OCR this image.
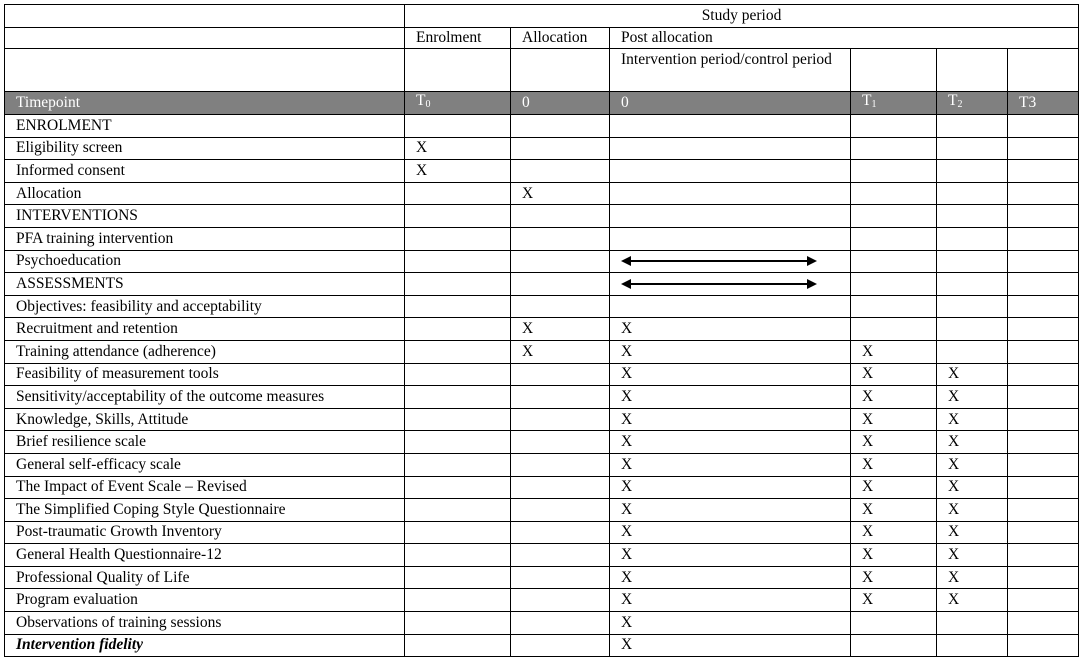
	Study period					
	Enrolment	Allocation	Post allocation			
			Intervention period/control period			
Timepoint	$T_0$	0	0	$T_1$	$T_2$	T3
ENROLMENT						
Eligibility screen	X					
Informed consent	X					
Allocation		X				
INTERVENTIONS						
PFA training intervention						
Psychoeducation			

ASSESSMENTS			

Objectives: feasibility and acceptability						
Recruitment and retention		X	X			
Training attendance (adherence)		X	X	X		
Feasibility of measurement tools			X	X	X	
Sensitivity/acceptability of the outcome measures			X	X	X	
Knowledge, Skills, Attitude			X	X	X	
Brief resilience scale			X	X	X	
General self-efficacy scale			X	X	X	
The Impact of Event Scale – Revised			X	X	X	
The Simplified Coping Style Questionnaire			X	X	X	
Post-traumatic Growth Inventory			X	X	X	
General Health Questionnaire-12			X	X	X	
Professional Quality of Life			X	X	X	
Program evaluation			X	X	X	
Observations of training sessions			X			
Intervention fidelity			X			
